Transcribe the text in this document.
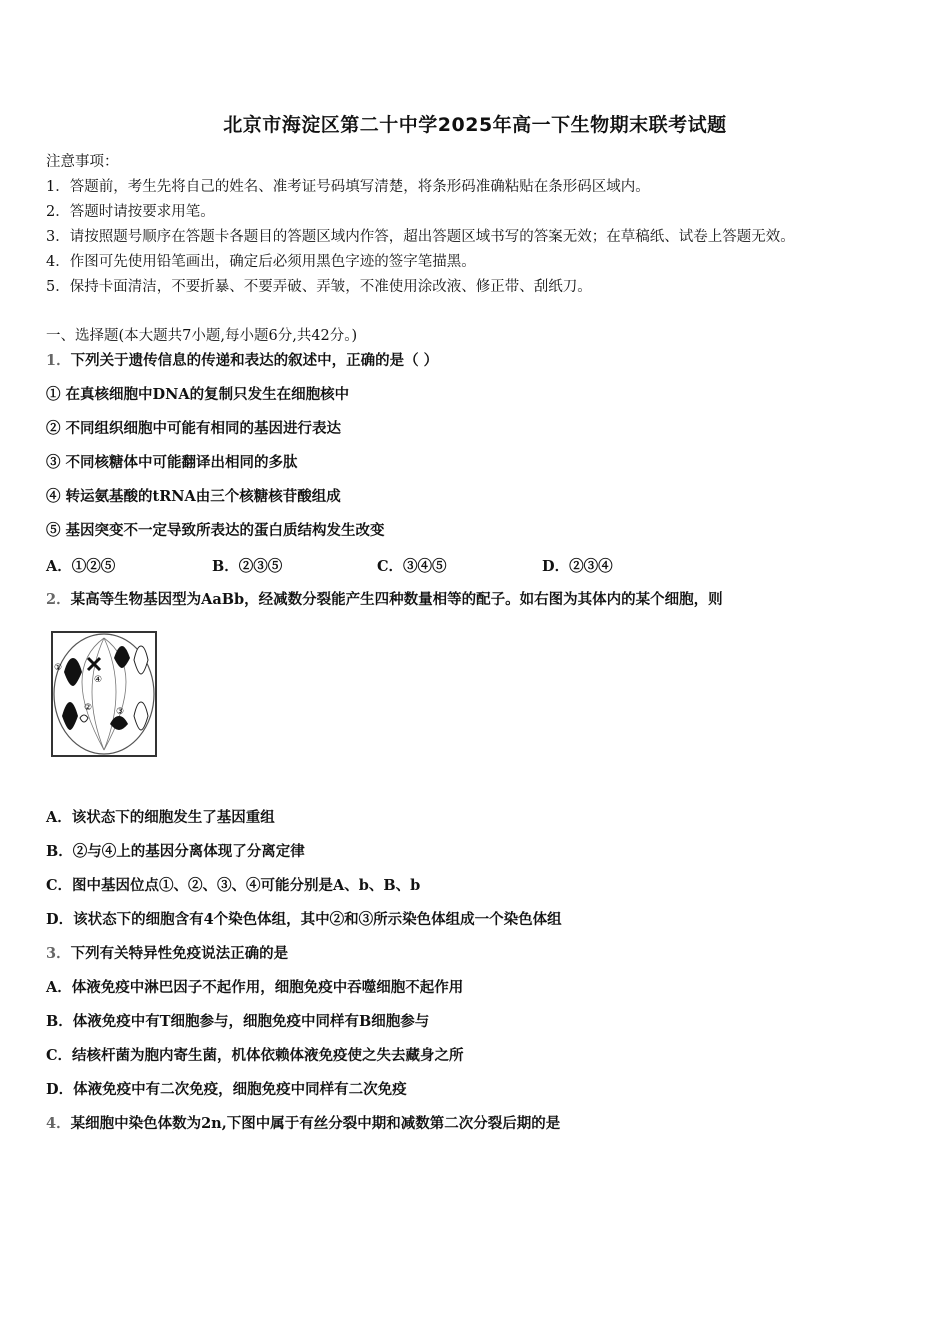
北京市海淀区第二十中学2025年高一下生物期末联考试题
注意事项：
1．答题前，考生先将自己的姓名、准考证号码填写清楚，将条形码准确粘贴在条形码区域内。
2．答题时请按要求用笔。
3．请按照题号顺序在答题卡各题目的答题区域内作答，超出答题区域书写的答案无效；在草稿纸、试卷上答题无效。
4．作图可先使用铅笔画出，确定后必须用黑色字迹的签字笔描黑。
5．保持卡面清洁，不要折暴、不要弄破、弄皱，不准使用涂改液、修正带、刮纸刀。
一、选择题(本大题共7小题,每小题6分,共42分。)
1．下列关于遗传信息的传递和表达的叙述中，正确的是（ ）
① 在真核细胞中DNA的复制只发生在细胞核中
② 不同组织细胞中可能有相同的基因进行表达
③ 不同核糖体中可能翻译出相同的多肽
④ 转运氨基酸的tRNA由三个核糖核苷酸组成
⑤ 基因突变不一定导致所表达的蛋白质结构发生改变
A．①②⑤	B．②③⑤	C．③④⑤	D．②③④
2．某高等生物基因型为AaBb，经减数分裂能产生四种数量相等的配子。如右图为其体内的某个细胞，则
①
②	③
④
A．该状态下的细胞发生了基因重组
B．②与④上的基因分离体现了分离定律
C．图中基因位点①、②、③、④可能分别是A、b、B、b
D．该状态下的细胞含有4个染色体组，其中②和③所示染色体组成一个染色体组
3．下列有关特异性免疫说法正确的是
A．体液免疫中淋巴因子不起作用，细胞免疫中吞噬细胞不起作用
B．体液免疫中有T细胞参与，细胞免疫中同样有B细胞参与
C．结核杆菌为胞内寄生菌，机体依赖体液免疫使之失去藏身之所
D．体液免疫中有二次免疫，细胞免疫中同样有二次免疫
4．某细胞中染色体数为2n,下图中属于有丝分裂中期和减数第二次分裂后期的是
